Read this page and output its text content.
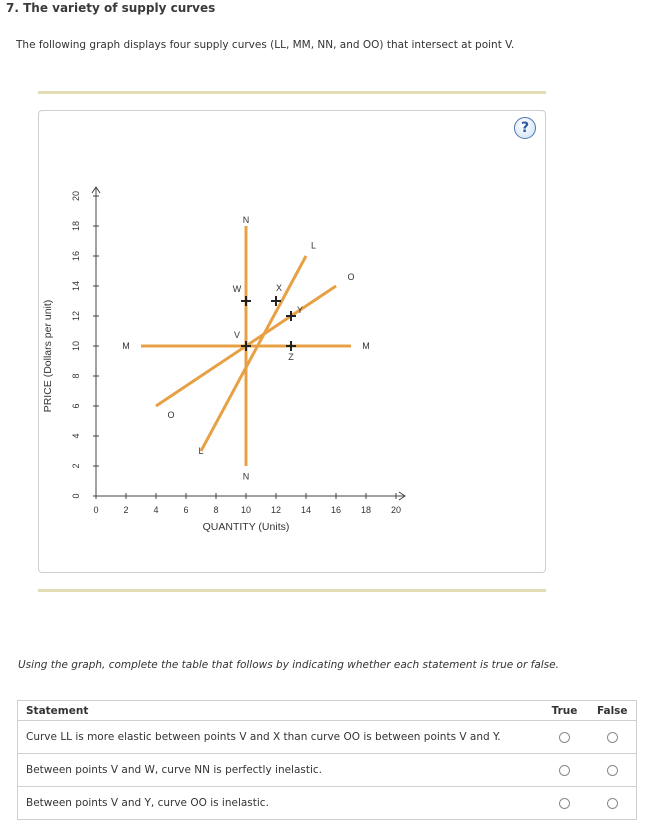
7. The variety of supply curves

The following graph displays four supply curves (LL, MM, NN, and OO) that intersect at point V.

?
0	2	4	6	8 10 12 14 16 18 20
0
2
4
6
8
10
12
14
16
18
20
QUANTITY (Units)
PRICE (Dollars per unit)
L
L
M	M
N
N
O
O
V
W	X
Y
Z

Using the graph, complete the table that follows by indicating whether each statement is true or false.

Statement	True	False
Curve LL is more elastic between points V and X than curve OO is between points V and Y.		
Between points V and W, curve NN is perfectly inelastic.		
Between points V and Y, curve OO is inelastic.		
